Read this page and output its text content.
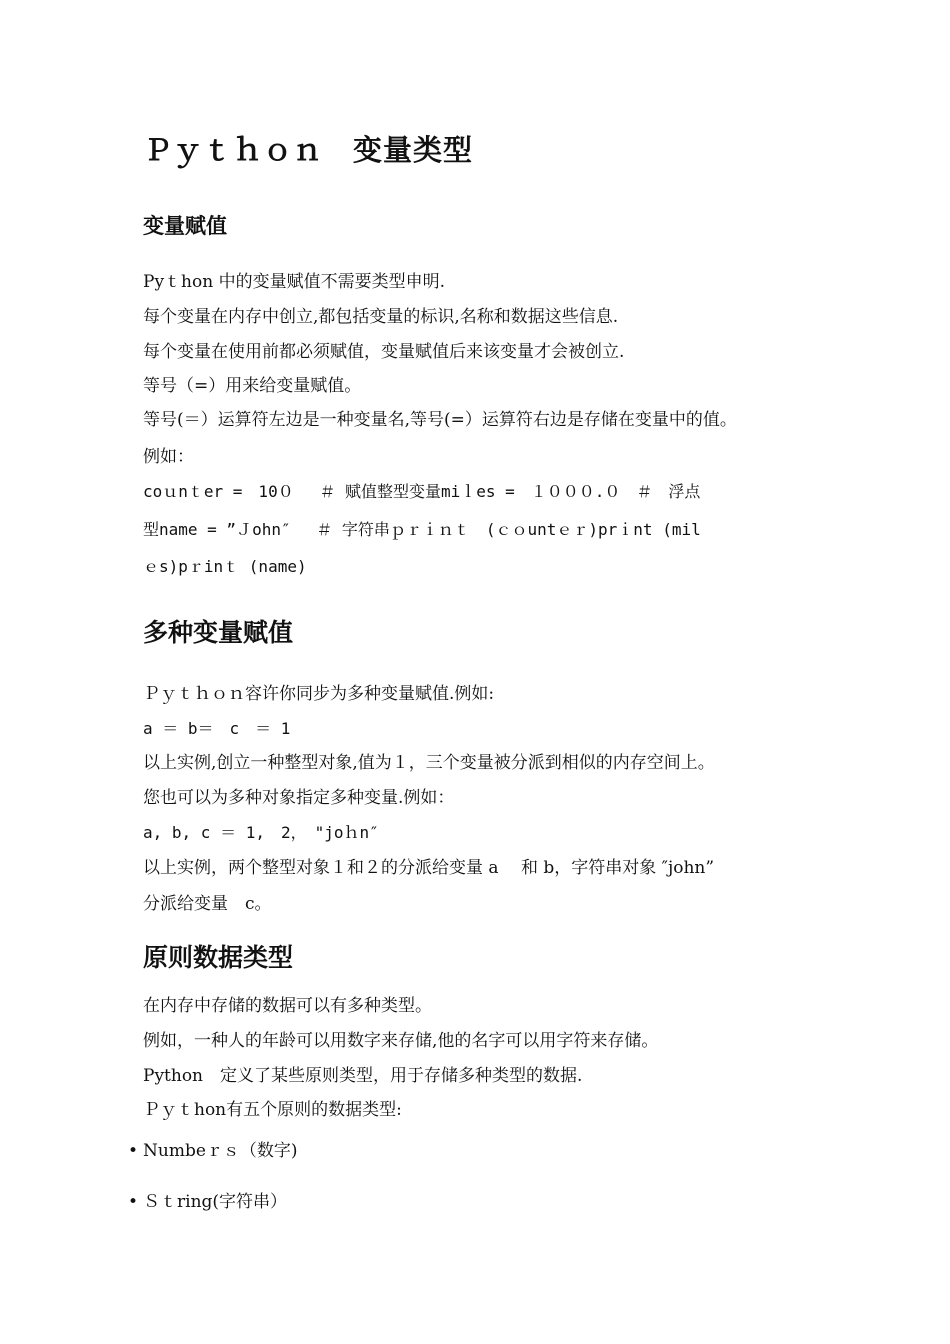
Ｐｙｔｈｏｎ　变量类型
变量赋值
Pyｔhon 中的变量赋值不需要类型申明.
每个变量在内存中创立,都包括变量的标识,名称和数据这些信息.
每个变量在使用前都必须赋值，变量赋值后来该变量才会被创立.
等号（=）用来给变量赋值。
等号(＝）运算符左边是一种变量名,等号(=）运算符右边是存储在变量中的值。
例如：
coｕnｔer =　10０　 ＃ 赋值整型变量miｌes =　１０００.０　＃　浮点
型name = ”Ｊohn″　 ＃ 字符串ｐｒｉｎｔ　(ｃｏuntｅｒ)prｉnt (mil
ｅs)pｒinｔ (name)
多种变量赋值
Ｐｙｔｈｏｎ容许你同步为多种变量赋值.例如:
a ＝ b＝　c　＝ 1
以上实例,创立一种整型对象,值为１，三个变量被分派到相似的内存空间上。
您也可以为多种对象指定多种变量.例如：
a, b, c ＝ 1,　2，　"joｈn″
以上实例，两个整型对象１和２的分派给变量 a　 和 b，字符串对象 ″john”
分派给变量　c。
原则数据类型
在内存中存储的数据可以有多种类型。
例如，一种人的年龄可以用数字来存储,他的名字可以用字符来存储。
Python　定义了某些原则类型，用于存储多种类型的数据.
Ｐｙｔhon有五个原则的数据类型:
• Numbeｒｓ（数字)
• Ｓｔring(字符串）
